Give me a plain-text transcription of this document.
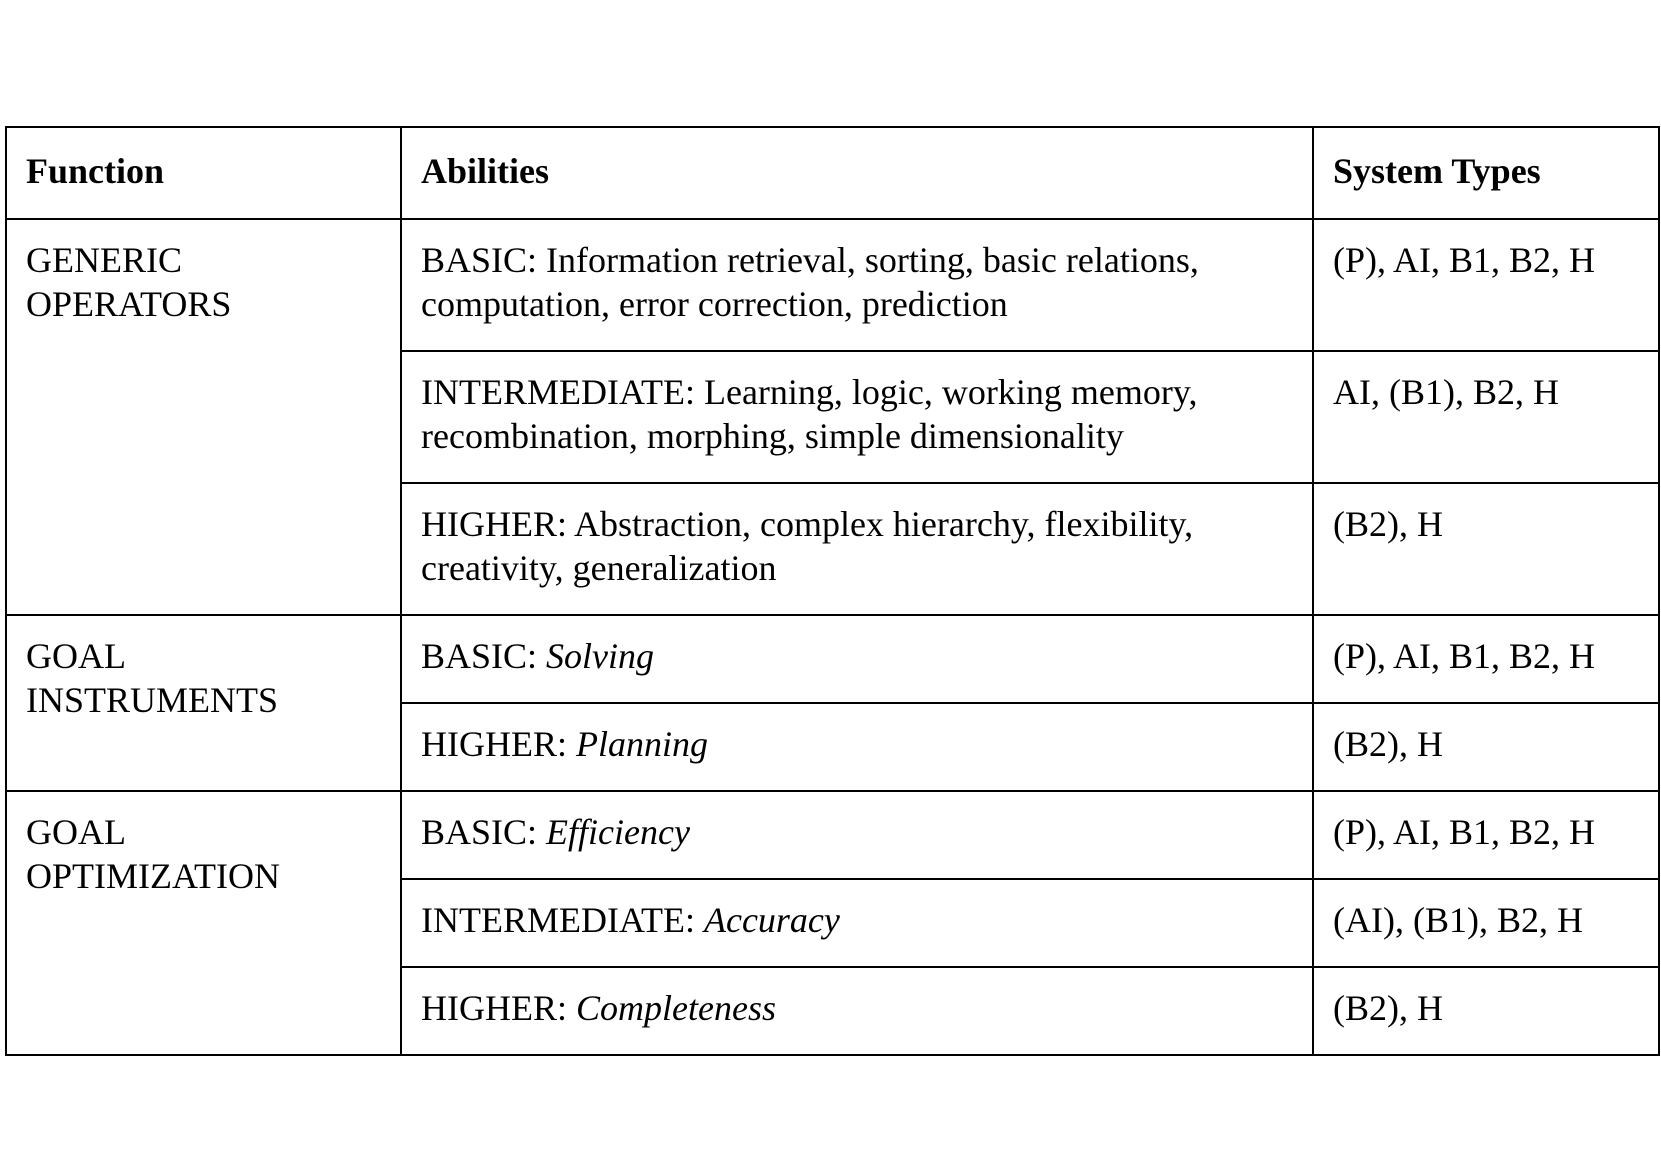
Function	Abilities	System Types
GENERIC OPERATORS	BASIC: Information retrieval, sorting, basic relations, computation, error correction, prediction	(P), AI, B1, B2, H
	INTERMEDIATE: Learning, logic, working memory, recombination, morphing, simple dimensionality	AI, (B1), B2, H
	HIGHER: Abstraction, complex hierarchy, flexibility, creativity, generalization	(B2), H
GOAL INSTRUMENTS	BASIC: Solving	(P), AI, B1, B2, H
	HIGHER: Planning	(B2), H
GOAL OPTIMIZATION	BASIC: Efficiency	(P), AI, B1, B2, H
	INTERMEDIATE: Accuracy	(AI), (B1), B2, H
	HIGHER: Completeness	(B2), H
